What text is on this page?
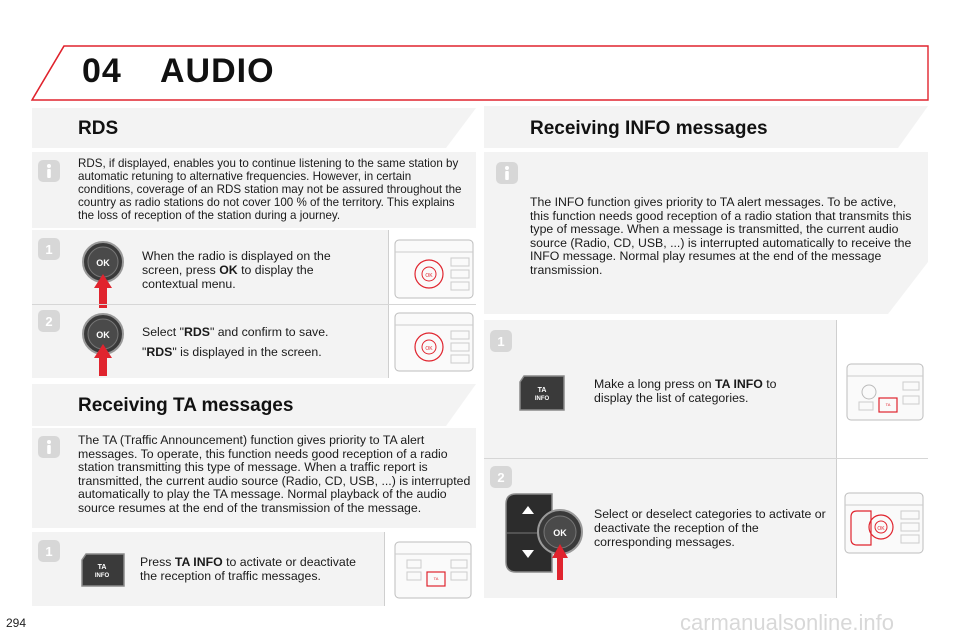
04 AUDIO
RDS
RDS, if displayed, enables you to continue listening to the same station by automatic retuning to alternative frequencies. However, in certain conditions, coverage of an RDS station may not be assured throughout the country as radio stations do not cover 100 % of the territory. This explains the loss of reception of the station during a journey.
1
OK	When the radio is displayed on the screen, press OK to display the contextual menu.
OK
2
OK	Select "RDS" and confirm to save.
"RDS" is displayed in the screen.	OK
Receiving TA messages
The TA (Traffic Announcement) function gives priority to TA alert messages. To operate, this function needs good reception of a radio station transmitting this type of message. When a traffic report is transmitted, the current audio source (Radio, CD, USB, ...) is interrupted automatically to play the TA message. Normal playback of the audio source resumes at the end of the transmission of the message.
1
TA
INFO
Press TA INFO to activate or deactivate the reception of traffic messages.	TA
Receiving INFO messages
The INFO function gives priority to TA alert messages. To be active, this function needs good reception of a radio station that transmits this type of message. When a message is transmitted, the current audio source (Radio, CD, USB, ...) is interrupted automatically to receive the INFO message. Normal play resumes at the end of the message transmission.
1
TA
INFO
Make a long press on TA INFO to display the list of categories.	TA
2
OK
Select or deselect categories to activate or deactivate the reception of the corresponding messages.
OK
294	carmanualsonline.info
